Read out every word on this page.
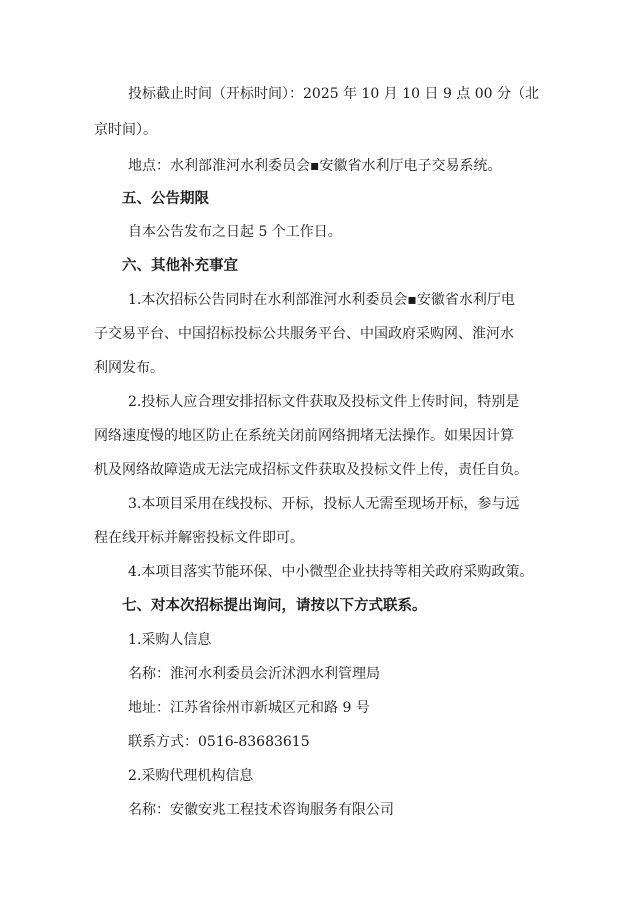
投标截止时间（开标时间）：2025 年 10 月 10 日 9 点 00 分（北
京时间）。
地点：水利部淮河水利委员会▪安徽省水利厅电子交易系统。
五、公告期限
自本公告发布之日起 5 个工作日。
六、其他补充事宜
1.本次招标公告同时在水利部淮河水利委员会▪安徽省水利厅电
子交易平台、中国招标投标公共服务平台、中国政府采购网、淮河水
利网发布。
2.投标人应合理安排招标文件获取及投标文件上传时间，特别是
网络速度慢的地区防止在系统关闭前网络拥堵无法操作。如果因计算
机及网络故障造成无法完成招标文件获取及投标文件上传，责任自负。
3.本项目采用在线投标、开标，投标人无需至现场开标，参与远
程在线开标并解密投标文件即可。
4.本项目落实节能环保、中小微型企业扶持等相关政府采购政策。
七、对本次招标提出询问，请按以下方式联系。
1.采购人信息
名称：淮河水利委员会沂沭泗水利管理局
地址：江苏省徐州市新城区元和路 9 号
联系方式：0516-83683615
2.采购代理机构信息
名称：安徽安兆工程技术咨询服务有限公司
